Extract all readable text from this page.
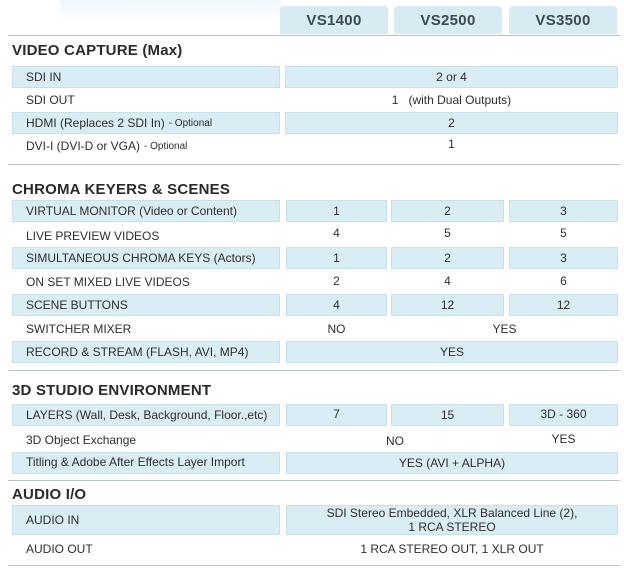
VS1400	VS2500	VS3500
VIDEO CAPTURE (Max)
SDI IN	2 or 4
SDI OUT	1   (with Dual Outputs)
HDMI (Replaces 2 SDI In) - Optional	2
DVI-I (DVI-D or VGA) - Optional	1
CHROMA KEYERS & SCENES
VIRTUAL MONITOR (Video or Content)	1	2	3
LIVE PREVIEW VIDEOS	4	5	5
SIMULTANEOUS CHROMA KEYS (Actors)	1	2	3
ON SET MIXED LIVE VIDEOS	2	4	6
SCENE BUTTONS	4	12	12
SWITCHER MIXER	NO	YES
RECORD & STREAM (FLASH, AVI, MP4)	YES
3D STUDIO ENVIRONMENT
LAYERS (Wall, Desk, Background, Floor.,etc)	7	15	3D - 360
3D Object Exchange	NO	YES
Titling & Adobe After Effects Layer Import	YES (AVI + ALPHA)
AUDIO I/O
AUDIO IN	SDI Stereo Embedded, XLR Balanced Line (2),
1 RCA STEREO
AUDIO OUT	1 RCA STEREO OUT, 1 XLR OUT
